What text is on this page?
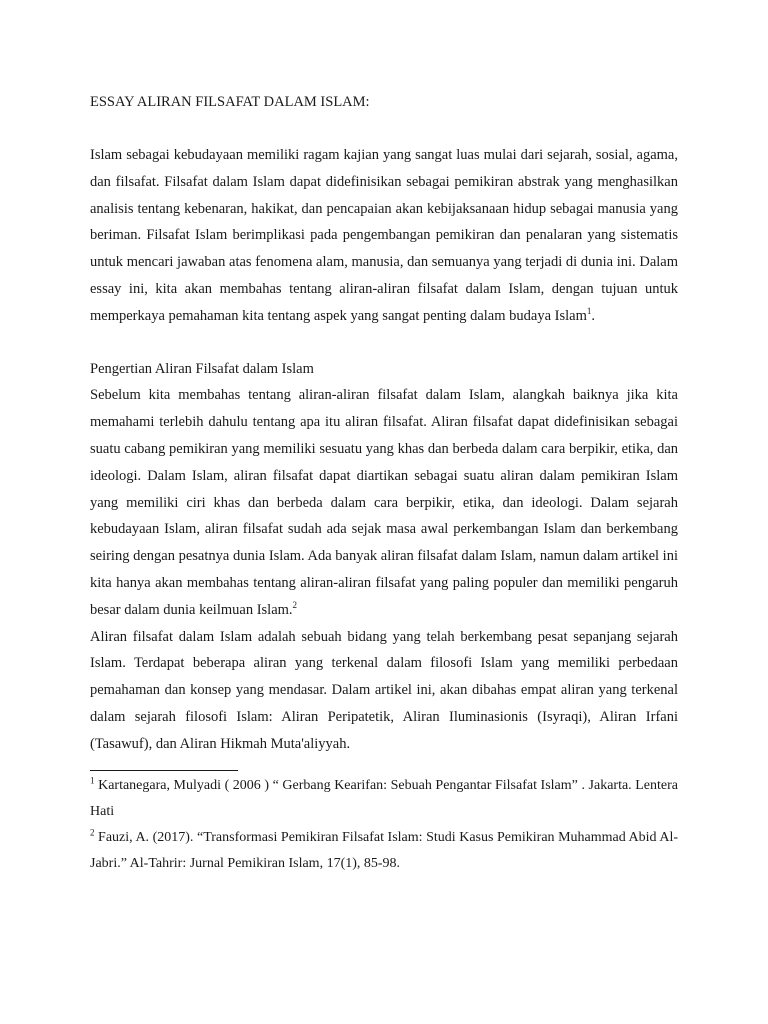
ESSAY ALIRAN FILSAFAT DALAM ISLAM:

Islam sebagai kebudayaan memiliki ragam kajian yang sangat luas mulai dari sejarah, sosial, agama, dan filsafat. Filsafat dalam Islam dapat didefinisikan sebagai pemikiran abstrak yang menghasilkan analisis tentang kebenaran, hakikat, dan pencapaian akan kebijaksanaan hidup sebagai manusia yang beriman. Filsafat Islam berimplikasi pada pengembangan pemikiran dan penalaran yang sistematis untuk mencari jawaban atas fenomena alam, manusia, dan semuanya yang terjadi di dunia ini. Dalam essay ini, kita akan membahas tentang aliran-aliran filsafat dalam Islam, dengan tujuan untuk memperkaya pemahaman kita tentang aspek yang sangat penting dalam budaya Islam$^1$.

Pengertian Aliran Filsafat dalam Islam

Sebelum kita membahas tentang aliran-aliran filsafat dalam Islam, alangkah baiknya jika kita memahami terlebih dahulu tentang apa itu aliran filsafat. Aliran filsafat dapat didefinisikan sebagai suatu cabang pemikiran yang memiliki sesuatu yang khas dan berbeda dalam cara berpikir, etika, dan ideologi. Dalam Islam, aliran filsafat dapat diartikan sebagai suatu aliran dalam pemikiran Islam yang memiliki ciri khas dan berbeda dalam cara berpikir, etika, dan ideologi. Dalam sejarah kebudayaan Islam, aliran filsafat sudah ada sejak masa awal perkembangan Islam dan berkembang seiring dengan pesatnya dunia Islam. Ada banyak aliran filsafat dalam Islam, namun dalam artikel ini kita hanya akan membahas tentang aliran-aliran filsafat yang paling populer dan memiliki pengaruh besar dalam dunia keilmuan Islam.$^2$

Aliran filsafat dalam Islam adalah sebuah bidang yang telah berkembang pesat sepanjang sejarah Islam. Terdapat beberapa aliran yang terkenal dalam filosofi Islam yang memiliki perbedaan pemahaman dan konsep yang mendasar. Dalam artikel ini, akan dibahas empat aliran yang terkenal dalam sejarah filosofi Islam: Aliran Peripatetik, Aliran Iluminasionis (Isyraqi), Aliran Irfani (Tasawuf), dan Aliran Hikmah Muta'aliyyah.

$^1$ Kartanegara, Mulyadi ( 2006 ) “ Gerbang Kearifan: Sebuah Pengantar Filsafat Islam” . Jakarta. Lentera Hati

$^2$ Fauzi, A. (2017). “Transformasi Pemikiran Filsafat Islam: Studi Kasus Pemikiran Muhammad Abid Al-Jabri.” Al-Tahrir: Jurnal Pemikiran Islam, 17(1), 85-98.
